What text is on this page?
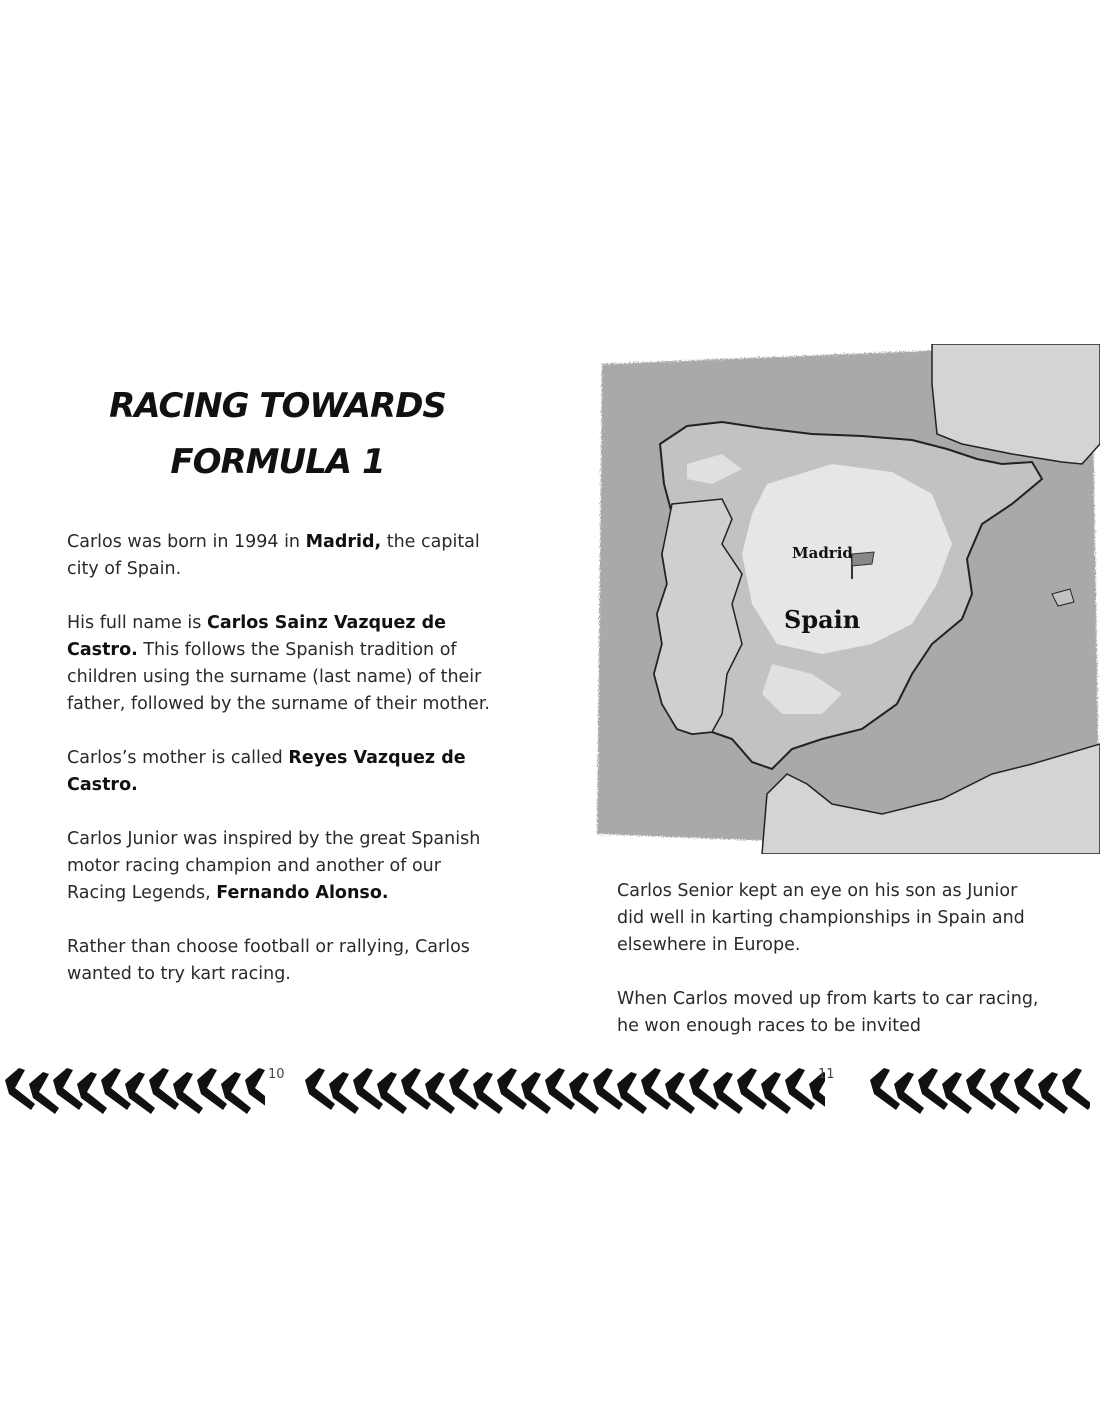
RACING TOWARDS
FORMULA 1

Carlos was born in 1994 in Madrid, the capital city of Spain.

His full name is Carlos Sainz Vazquez de Castro. This follows the Spanish tradition of children using the surname (last name) of their father, followed by the surname of their mother.

Carlos’s mother is called Reyes Vazquez de Castro.

Carlos Junior was inspired by the great Spanish motor racing champion and another of our Racing Legends, Fernando Alonso.

Rather than choose football or rallying, Carlos wanted to try kart racing.

10
Madrid
Spain

Carlos Senior kept an eye on his son as Junior did well in karting championships in Spain and elsewhere in Europe.

When Carlos moved up from karts to car racing, he won enough races to be invited

11
